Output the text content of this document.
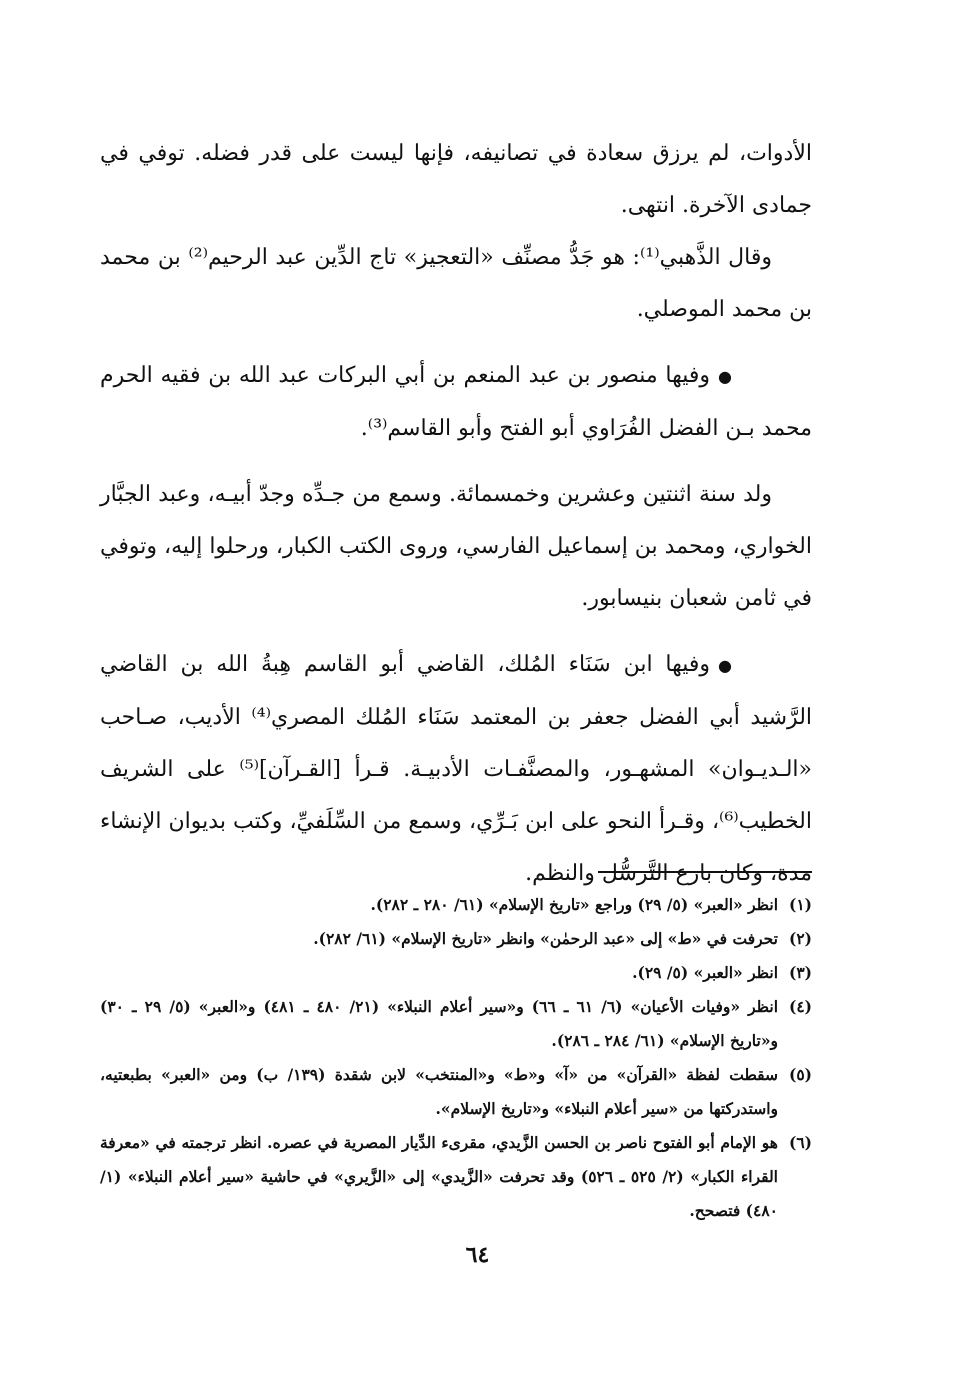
الأدوات، لم يرزق سعادة في تصانيفه، فإنها ليست على قدر فضله. توفي في جمادى الآخرة. انتهى.

وقال الذَّهبي⁽¹⁾: هو جَدُّ مصنِّف «التعجيز» تاج الدِّين عبد الرحيم⁽²⁾ بن محمد بن محمد الموصلي.

●وفيها منصور بن عبد المنعم بن أبي البركات عبد الله بن فقيه الحرم محمد بـن الفضل الفُرَاوي أبو الفتح وأبو القاسم⁽³⁾.

ولد سنة اثنتين وعشرين وخمسمائة. وسمع من جـدِّه وجدّ أبيـه، وعبد الجبَّار الخواري، ومحمد بن إسماعيل الفارسي، وروى الكتب الكبار، ورحلوا إليه، وتوفي في ثامن شعبان بنيسابور.

●وفيها ابن سَنَاء المُلك، القاضي أبو القاسم هِبةُ الله بن القاضي الرَّشيد أبي الفضل جعفر بن المعتمد سَنَاء المُلك المصري⁽⁴⁾ الأديب، صـاحب «الـديـوان» المشهـور، والمصنَّفـات الأدبيـة. قـرأ [القـرآن]⁽⁵⁾ على الشريف الخطيب⁽⁶⁾، وقـرأ النحو على ابن بَـرِّي، وسمع من السِّلَفيِّ، وكتب بديوان الإنشاء مدة، وكان بارع التَّرسُّل والنظم.

(١)
انظر «العبر» (٥/ ٢٩) وراجع «تاريخ الإسلام» (٦١/ ٢٨٠ ـ ٢٨٢).
(٢)
تحرفت في «ط» إلى «عبد الرحمٰن» وانظر «تاريخ الإسلام» (٦١/ ٢٨٢).
(٣)
انظر «العبر» (٥/ ٢٩).
(٤)
انظر «وفيات الأعيان» (٦/ ٦١ ـ ٦٦) و«سير أعلام النبلاء» (٢١/ ٤٨٠ ـ ٤٨١) و«العبر» (٥/ ٢٩ ـ ٣٠) و«تاريخ الإسلام» (٦١/ ٢٨٤ ـ ٢٨٦).
(٥)
سقطت لفظة «القرآن» من «آ» و«ط» و«المنتخب» لابن شقدة (١٣٩/ ب) ومن «العبر» بطبعتيه، واستدركتها من «سير أعلام النبلاء» و«تاريخ الإسلام».
(٦)
هو الإمام أبو الفتوح ناصر بن الحسن الزَّيدي، مقرىء الدِّيار المصرية في عصره. انظر ترجمته في «معرفة القراء الكبار» (٢/ ٥٢٥ ـ ٥٢٦) وقد تحرفت «الزَّيدي» إلى «الزَّيري» في حاشية «سير أعلام النبلاء» (١/ ٤٨٠) فتصحح.
٦٤
